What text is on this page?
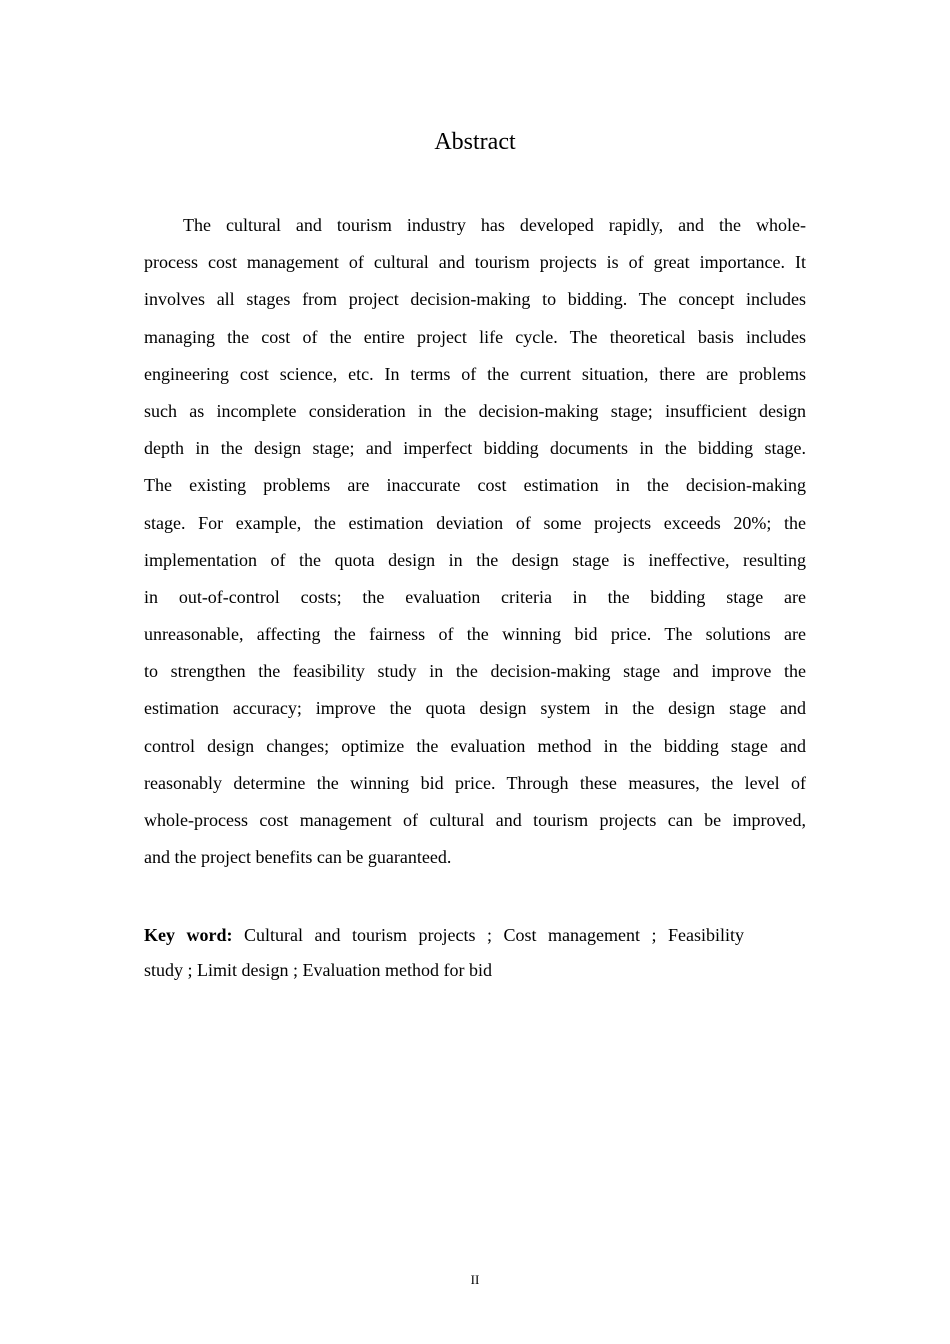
Abstract
The cultural and tourism industry has developed rapidly, and the whole-
process cost management of cultural and tourism projects is of great importance. It
involves all stages from project decision-making to bidding. The concept includes
managing the cost of the entire project life cycle. The theoretical basis includes
engineering cost science, etc. In terms of the current situation, there are problems
such as incomplete consideration in the decision-making stage; insufficient design
depth in the design stage; and imperfect bidding documents in the bidding stage.
The existing problems are inaccurate cost estimation in the decision-making
stage. For example, the estimation deviation of some projects exceeds 20%; the
implementation of the quota design in the design stage is ineffective, resulting
in out-of-control costs; the evaluation criteria in the bidding stage are
unreasonable, affecting the fairness of the winning bid price. The solutions are
to strengthen the feasibility study in the decision-making stage and improve the
estimation accuracy; improve the quota design system in the design stage and
control design changes; optimize the evaluation method in the bidding stage and
reasonably determine the winning bid price. Through these measures, the level of
whole-process cost management of cultural and tourism projects can be improved,
and the project benefits can be guaranteed.
Key word: Cultural and tourism projects ; Cost management ; Feasibility
study ; Limit design ; Evaluation method for bid
II
